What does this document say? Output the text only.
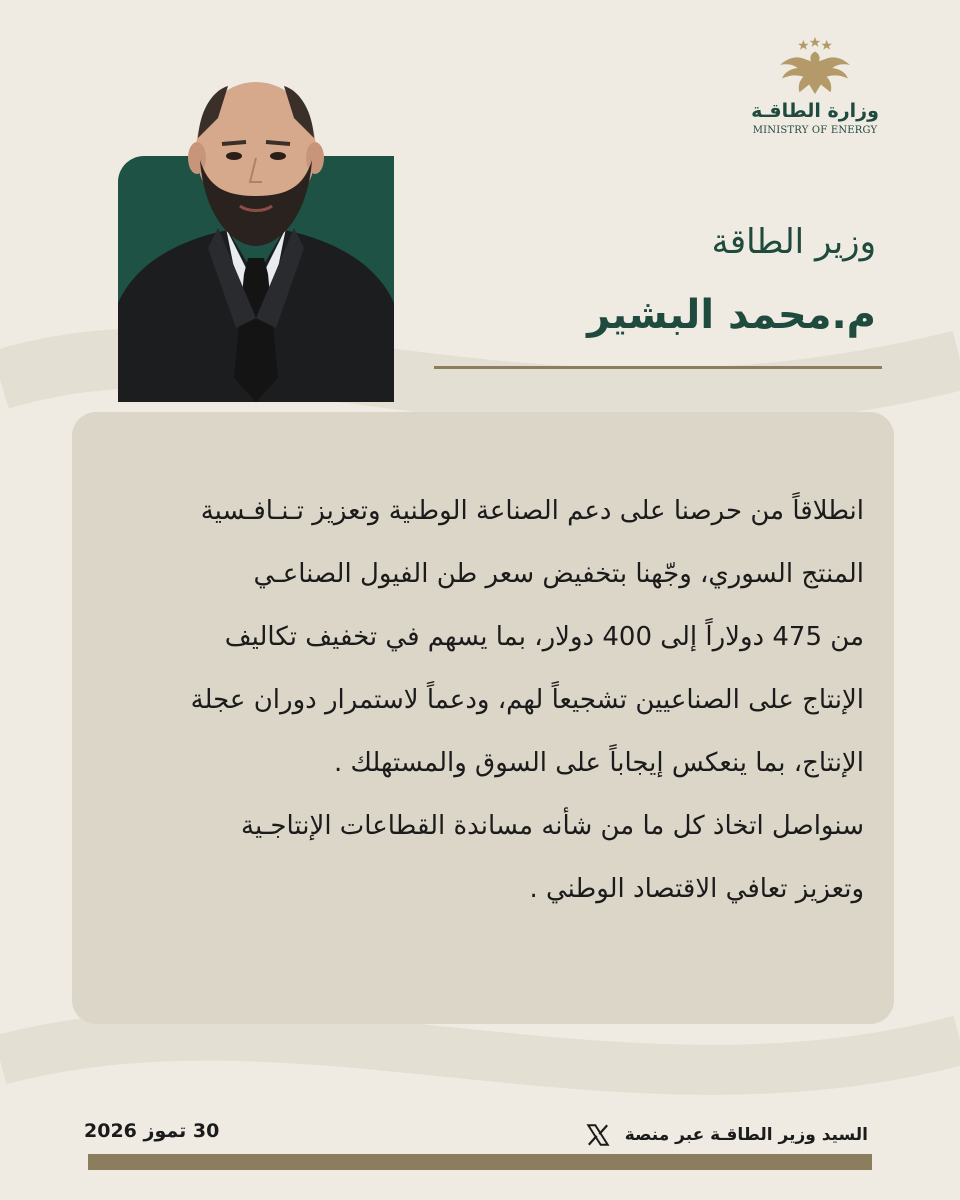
وزارة الطاقـة
MINISTRY OF ENERGY
وزير الطاقة
م.محمد البشير

انطلاقاً من حرصنا على دعم الصناعة الوطنية وتعزيز تـنـافـسية
المنتج السوري، وجّهنا بتخفيض سعر طن الفيول الصناعـي
من 475 دولاراً إلى 400 دولار، بما يسهم في تخفيف تكاليف
الإنتاج على الصناعيين تشجيعاً لهم، ودعماً لاستمرار دوران عجلة
الإنتاج، بما ينعكس إيجاباً على السوق والمستهلك .
سنواصل اتخاذ كل ما من شأنه مساندة القطاعات الإنتاجـية
وتعزيز تعافي الاقتصاد الوطني .

30 تموز 2026	السيد وزير الطاقـة عبر منصة
